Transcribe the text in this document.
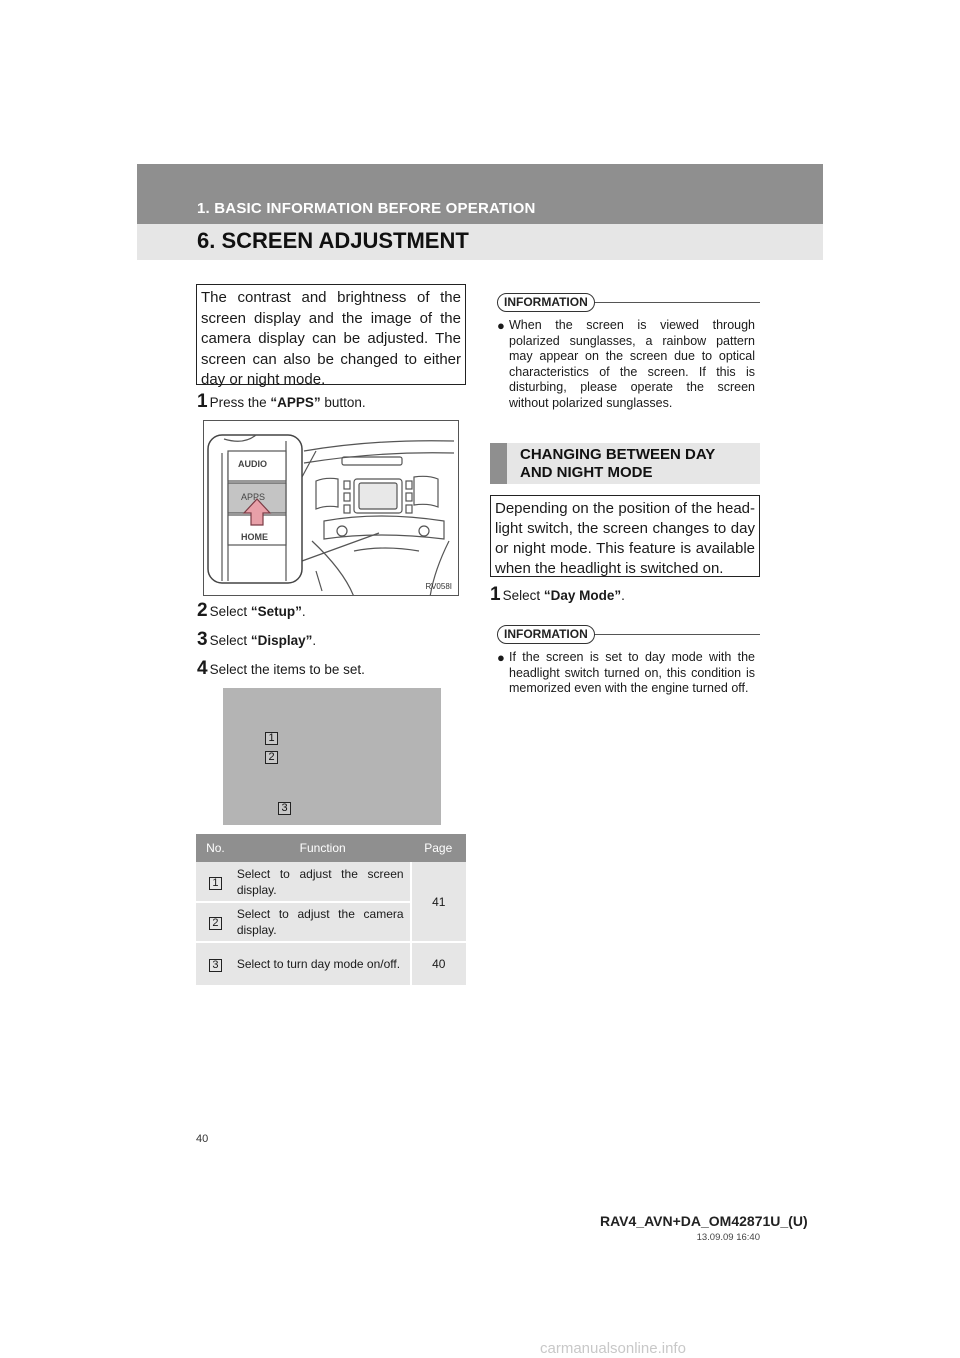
1. BASIC INFORMATION BEFORE OPERATION
6. SCREEN ADJUSTMENT
The contrast and brightness of the screen display and the image of the camera display can be adjusted. The screen can also be changed to either day or night mode.
1 Press the “APPS” button.
AUDIO
APPS
HOME
RV058I
2 Select “Setup”.
3 Select “Display”.
4 Select the items to be set.
1
2
3
No.	Function	Page
1	Select to adjust the screen display.	41
2	Select to adjust the camera display.	
3	Select to turn day mode on/off.	40
INFORMATION
● When the screen is viewed through polarized sunglasses, a rainbow pattern may appear on the screen due to optical characteristics of the screen. If this is disturbing, please operate the screen without polarized sunglasses.
CHANGING BETWEEN DAY
AND NIGHT MODE
Depending on the position of the head-light switch, the screen changes to day or night mode. This feature is available when the headlight is switched on.
1 Select “Day Mode”.
INFORMATION
● If the screen is set to day mode with the headlight switch turned on, this condition is memorized even with the engine turned off.
40
RAV4_AVN+DA_OM42871U_(U)
13.09.09 16:40
carmanualsonline.info
